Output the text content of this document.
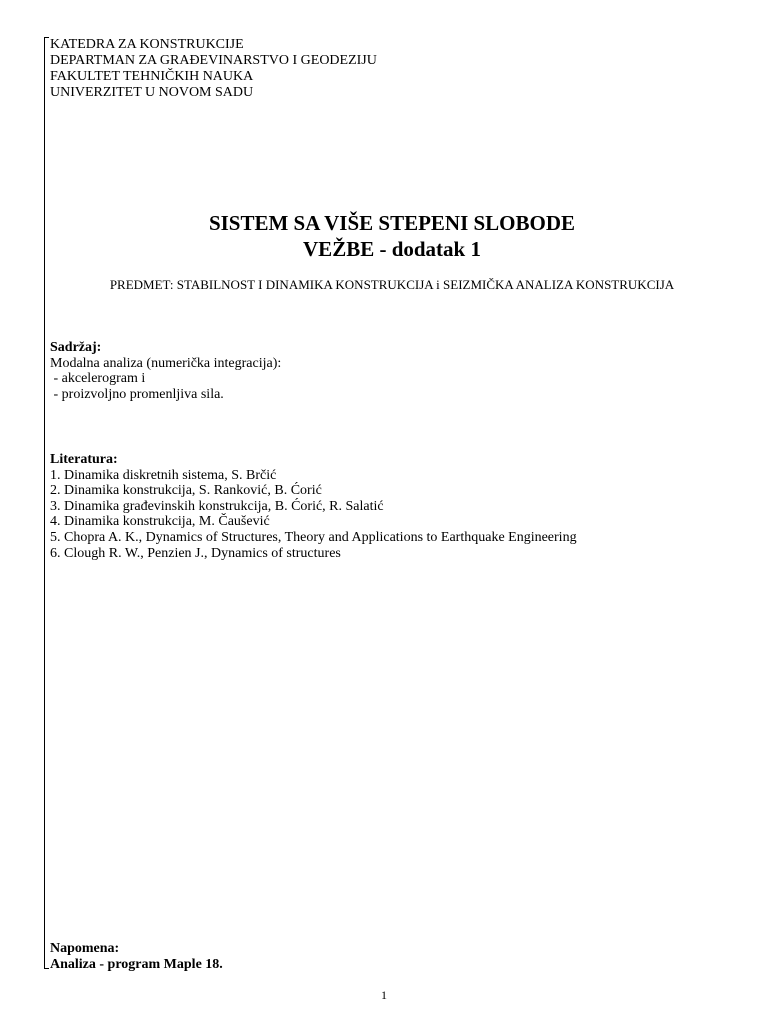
KATEDRA ZA KONSTRUKCIJE
DEPARTMAN ZA GRAĐEVINARSTVO I GEODEZIJU
FAKULTET TEHNIČKIH NAUKA
UNIVERZITET U NOVOM SADU
SISTEM SA VIŠE STEPENI SLOBODE
VEŽBE - dodatak 1
PREDMET: STABILNOST I DINAMIKA KONSTRUKCIJA i SEIZMIČKA ANALIZA KONSTRUKCIJA
Sadržaj:
Modalna analiza (numerička integracija):
- akcelerogram i
- proizvoljno promenljiva sila.
Literatura:
1. Dinamika diskretnih sistema, S. Brčić
2. Dinamika konstrukcija, S. Ranković, B. Ćorić
3. Dinamika građevinskih konstrukcija, B. Ćorić, R. Salatić
4. Dinamika konstrukcija, M. Čaušević
5. Chopra A. K., Dynamics of Structures, Theory and Applications to Earthquake Engineering
6. Clough R. W., Penzien J., Dynamics of structures
Napomena:
Analiza - program Maple 18.
1
